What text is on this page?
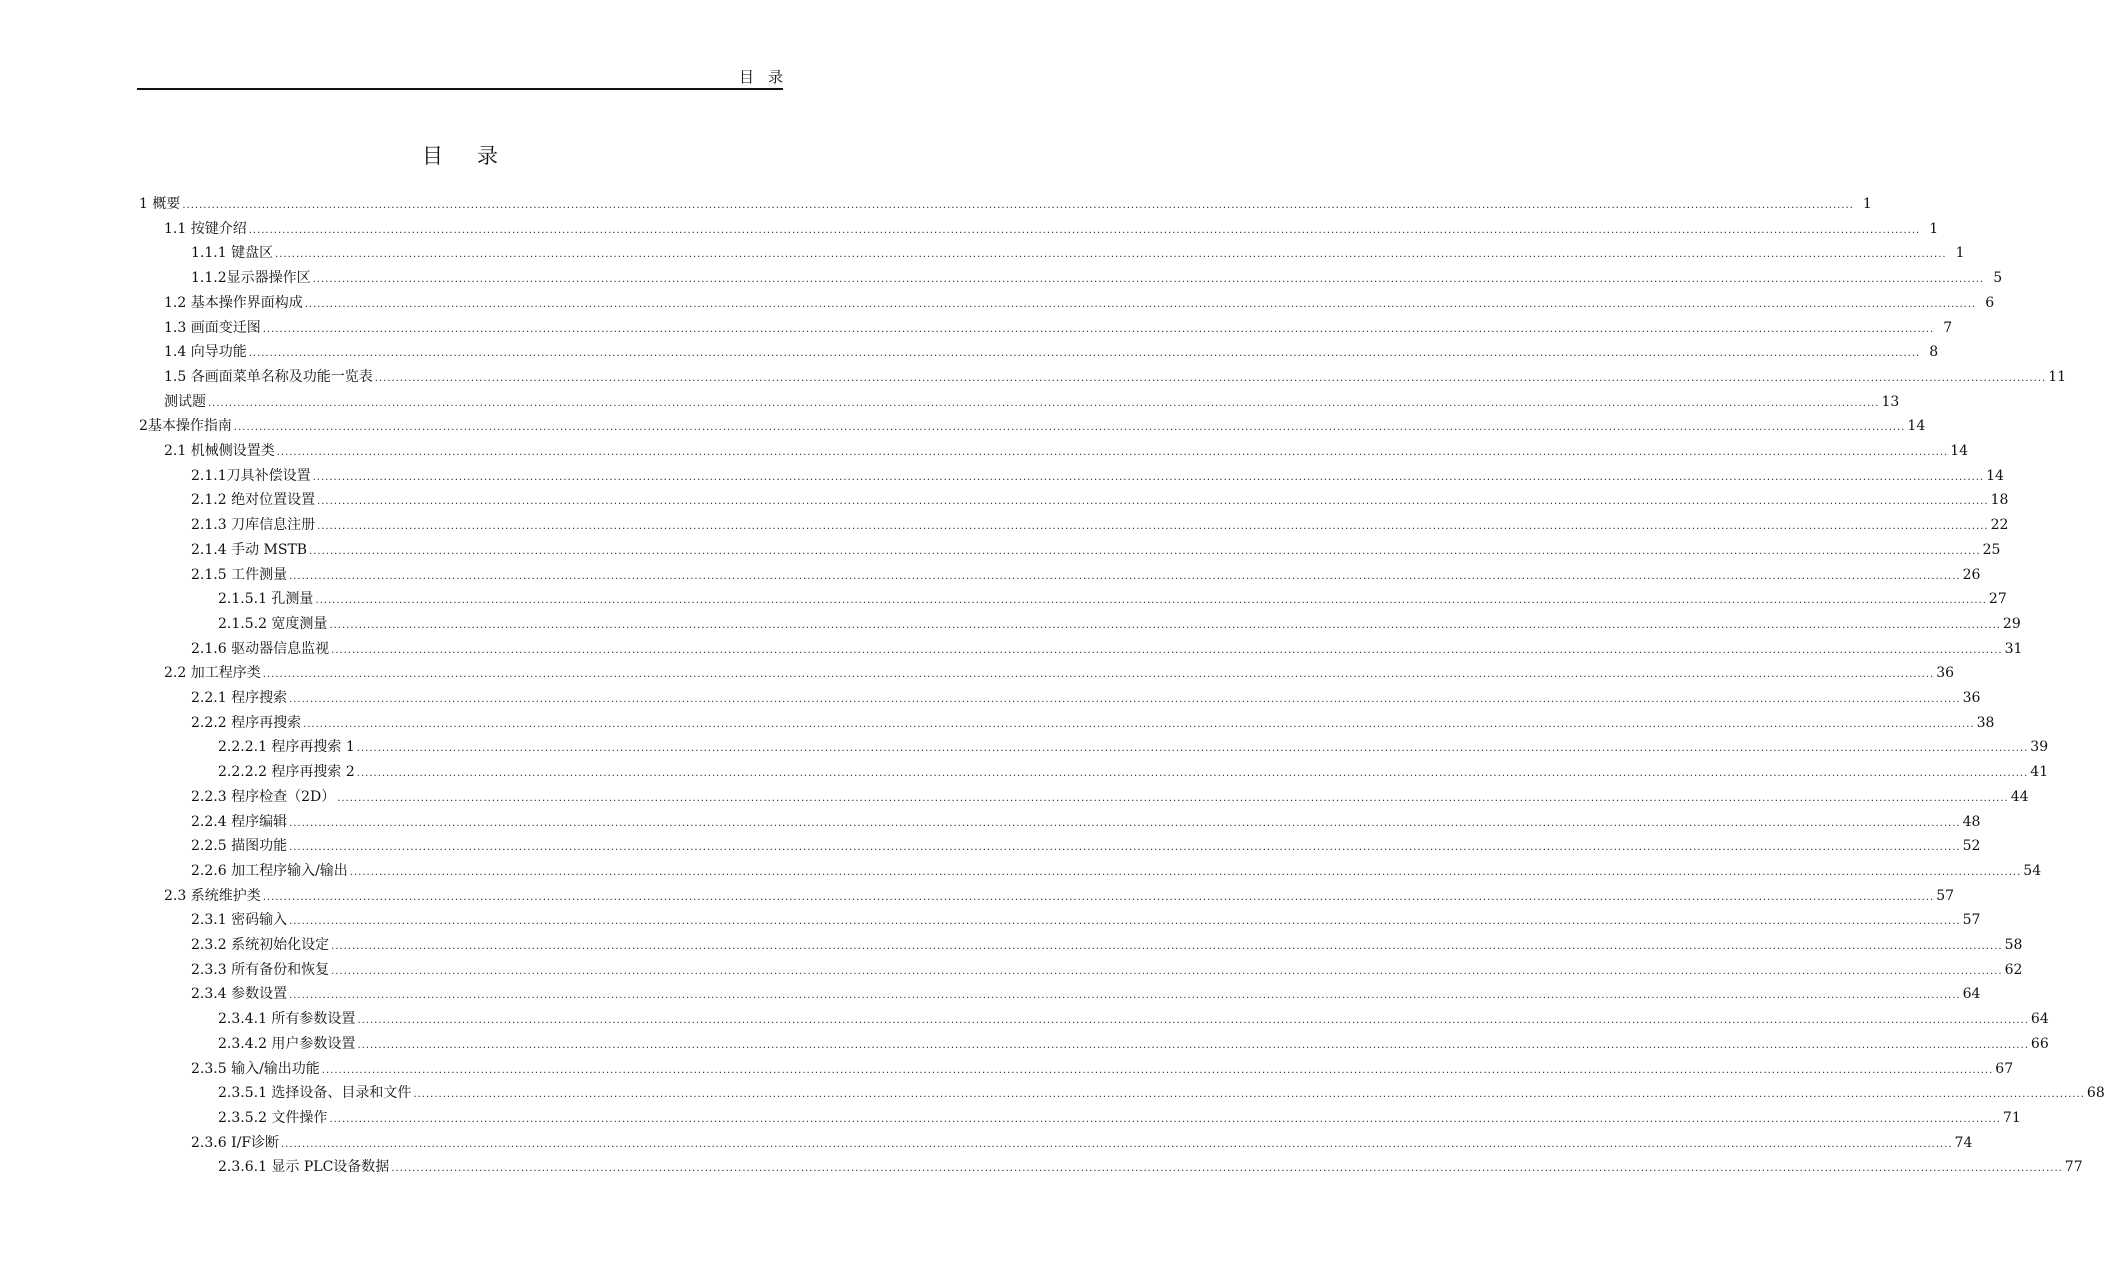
目录
目录
1 概要 ................................................................................................................................................................................................................................................................................................................................................................................................................ 1
1.1 按键介绍 ................................................................................................................................................................................................................................................................................................................................................................................................................ 1
1.1.1 键盘区 ................................................................................................................................................................................................................................................................................................................................................................................................................ 1
1.1.2显示器操作区 ................................................................................................................................................................................................................................................................................................................................................................................................................ 5
1.2 基本操作界面构成 ................................................................................................................................................................................................................................................................................................................................................................................................................ 6
1.3 画面变迁图 ................................................................................................................................................................................................................................................................................................................................................................................................................ 7
1.4 向导功能 ................................................................................................................................................................................................................................................................................................................................................................................................................ 8
1.5 各画面菜单名称及功能一览表 ................................................................................................................................................................................................................................................................................................................................................................................................................ 11
测试题 ................................................................................................................................................................................................................................................................................................................................................................................................................ 13
2基本操作指南 ................................................................................................................................................................................................................................................................................................................................................................................................................ 14
2.1 机械侧设置类 ................................................................................................................................................................................................................................................................................................................................................................................................................ 14
2.1.1刀具补偿设置 ................................................................................................................................................................................................................................................................................................................................................................................................................ 14
2.1.2 绝对位置设置 ................................................................................................................................................................................................................................................................................................................................................................................................................ 18
2.1.3 刀库信息注册 ................................................................................................................................................................................................................................................................................................................................................................................................................ 22
2.1.4 手动 MSTB ................................................................................................................................................................................................................................................................................................................................................................................................................ 25
2.1.5 工件测量 ................................................................................................................................................................................................................................................................................................................................................................................................................ 26
2.1.5.1 孔测量 ................................................................................................................................................................................................................................................................................................................................................................................................................ 27
2.1.5.2 宽度测量 ................................................................................................................................................................................................................................................................................................................................................................................................................ 29
2.1.6 驱动器信息监视 ................................................................................................................................................................................................................................................................................................................................................................................................................ 31
2.2 加工程序类 ................................................................................................................................................................................................................................................................................................................................................................................................................ 36
2.2.1 程序搜索 ................................................................................................................................................................................................................................................................................................................................................................................................................ 36
2.2.2 程序再搜索 ................................................................................................................................................................................................................................................................................................................................................................................................................ 38
2.2.2.1 程序再搜索 1 ................................................................................................................................................................................................................................................................................................................................................................................................................ 39
2.2.2.2 程序再搜索 2 ................................................................................................................................................................................................................................................................................................................................................................................................................ 41
2.2.3 程序检查（2D） ................................................................................................................................................................................................................................................................................................................................................................................................................ 44
2.2.4 程序编辑 ................................................................................................................................................................................................................................................................................................................................................................................................................ 48
2.2.5 描图功能 ................................................................................................................................................................................................................................................................................................................................................................................................................ 52
2.2.6 加工程序输入/输出 ................................................................................................................................................................................................................................................................................................................................................................................................................ 54
2.3 系统维护类 ................................................................................................................................................................................................................................................................................................................................................................................................................ 57
2.3.1 密码输入 ................................................................................................................................................................................................................................................................................................................................................................................................................ 57
2.3.2 系统初始化设定 ................................................................................................................................................................................................................................................................................................................................................................................................................ 58
2.3.3 所有备份和恢复 ................................................................................................................................................................................................................................................................................................................................................................................................................ 62
2.3.4 参数设置 ................................................................................................................................................................................................................................................................................................................................................................................................................ 64
2.3.4.1 所有参数设置 ................................................................................................................................................................................................................................................................................................................................................................................................................ 64
2.3.4.2 用户参数设置 ................................................................................................................................................................................................................................................................................................................................................................................................................ 66
2.3.5 输入/输出功能 ................................................................................................................................................................................................................................................................................................................................................................................................................ 67
2.3.5.1 选择设备、目录和文件 ................................................................................................................................................................................................................................................................................................................................................................................................................ 68
2.3.5.2 文件操作 ................................................................................................................................................................................................................................................................................................................................................................................................................ 71
2.3.6 I/F诊断 ................................................................................................................................................................................................................................................................................................................................................................................................................ 74
2.3.6.1 显示 PLC设备数据 ................................................................................................................................................................................................................................................................................................................................................................................................................ 77
